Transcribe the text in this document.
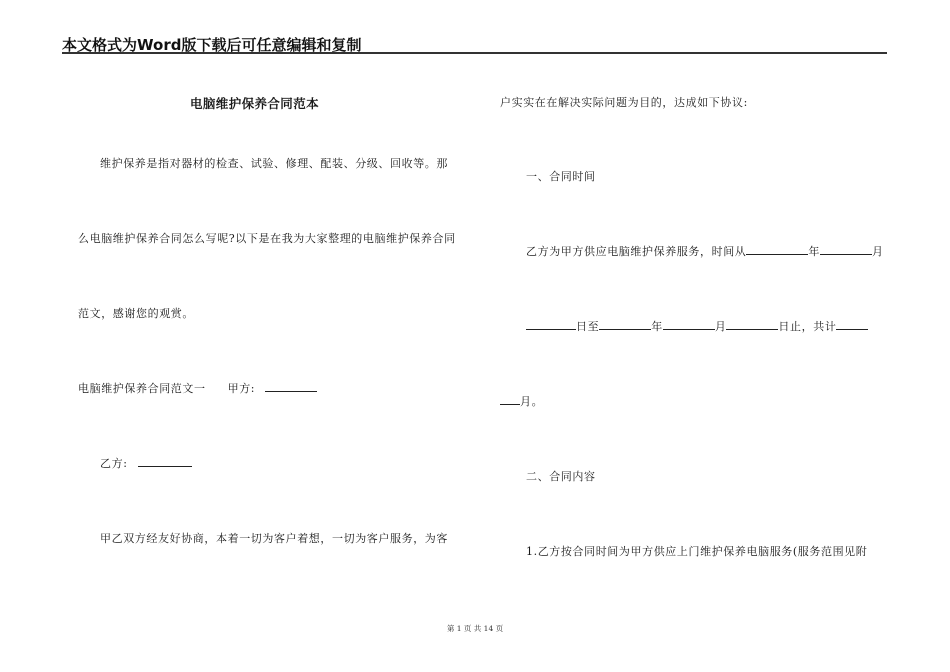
本文格式为Word版下载后可任意编辑和复制
电脑维护保养合同范本
维护保养是指对器材的检查、试验、修理、配装、分级、回收等。那
么电脑维护保养合同怎么写呢?以下是在我为大家整理的电脑维护保养合同
范文，感谢您的观赏。
电脑维护保养合同范文一 甲方:
乙方:
甲乙双方经友好协商，本着一切为客户着想，一切为客户服务，为客
户实实在在解决实际问题为目的，达成如下协议:
一、合同时间
乙方为甲方供应电脑维护保养服务，时间从	年	月
日至	年	月	日止，共计
月。
二、合同内容
1.乙方按合同时间为甲方供应上门维护保养电脑服务(服务范围见附
第 1 页 共 14 页
